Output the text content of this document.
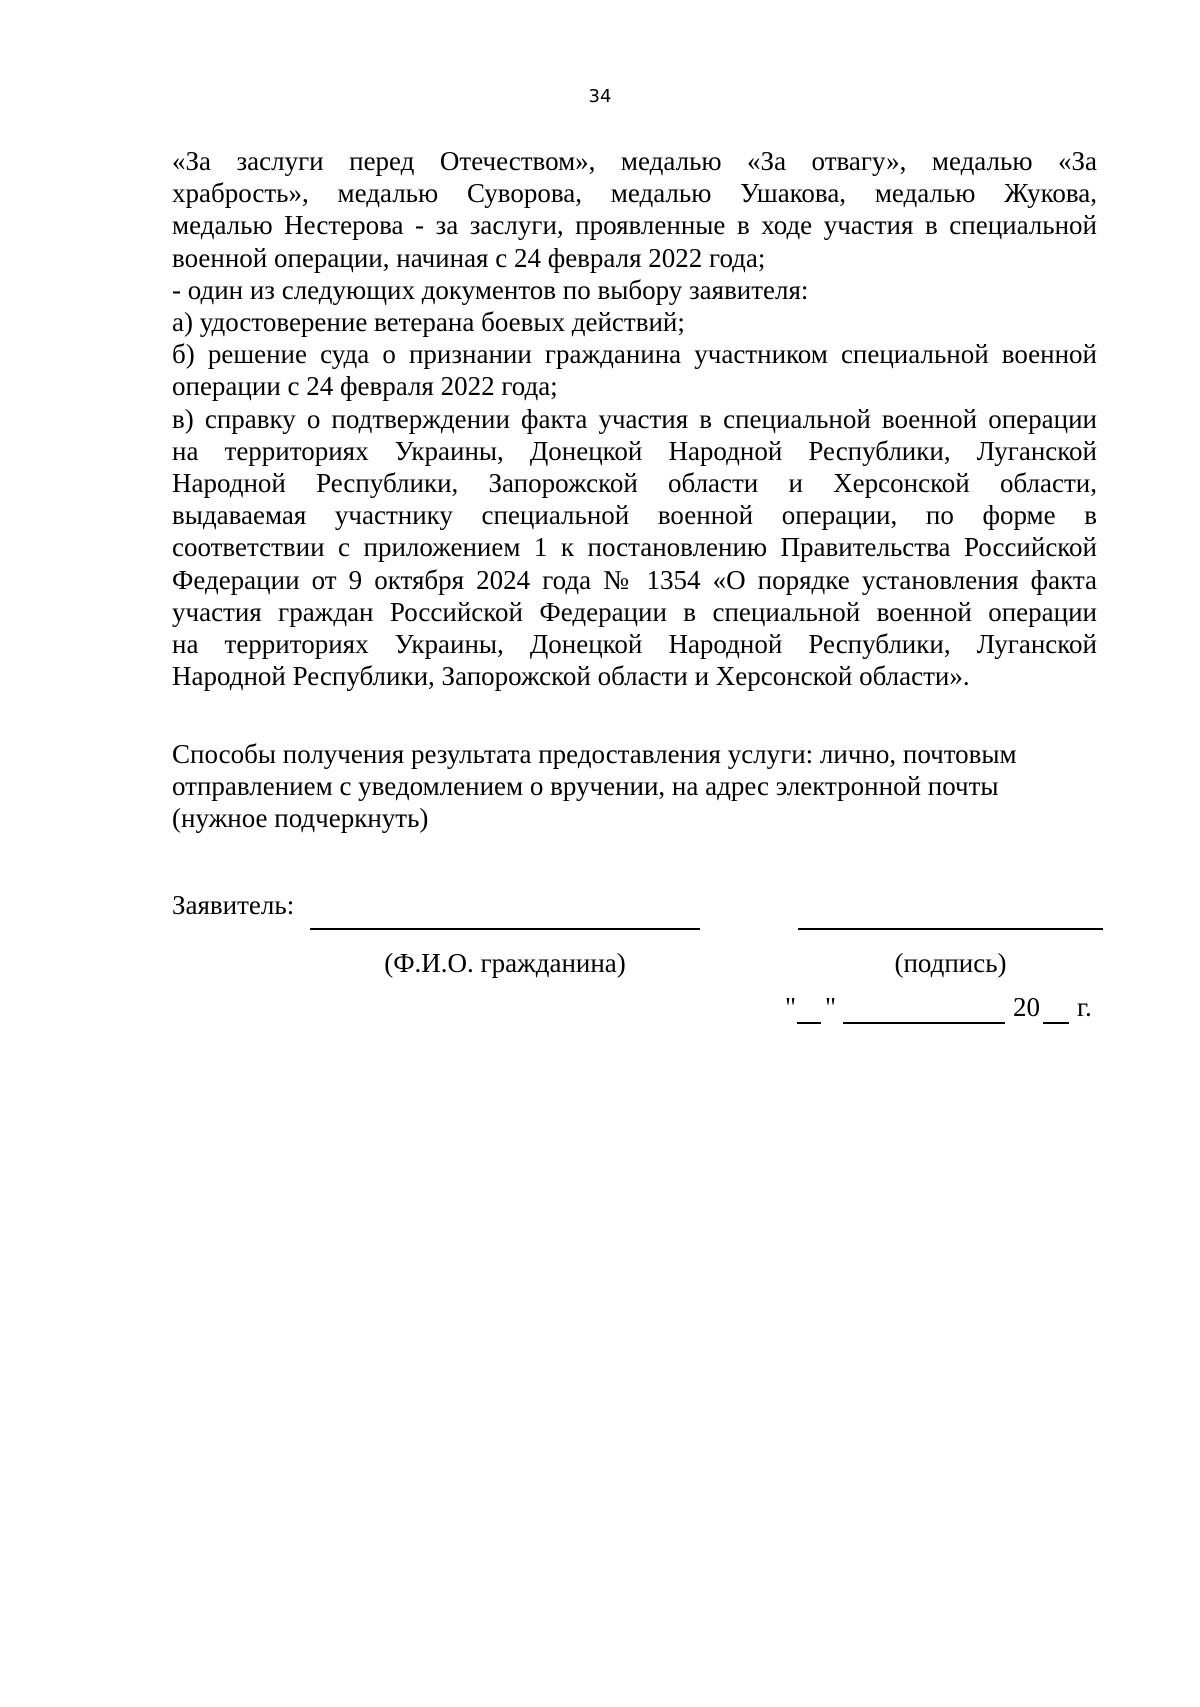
34

«За заслуги перед Отечеством», медалью «За отвагу», медалью «За

храбрость», медалью Суворова, медалью Ушакова, медалью Жукова,

медалью Нестерова - за заслуги, проявленные в ходе участия в специальной

военной операции, начиная с 24 февраля 2022 года;

- один из следующих документов по выбору заявителя:

а) удостоверение ветерана боевых действий;

б) решение суда о признании гражданина участником специальной военной

операции с 24 февраля 2022 года;

в) справку о подтверждении факта участия в специальной военной операции

на территориях Украины, Донецкой Народной Республики, Луганской

Народной Республики, Запорожской области и Херсонской области,

выдаваемая участнику специальной военной операции, по форме в

соответствии с приложением 1 к постановлению Правительства Российской

Федерации от 9 октября 2024 года № 1354 «О порядке установления факта

участия граждан Российской Федерации в специальной военной операции

на территориях Украины, Донецкой Народной Республики, Луганской

Народной Республики, Запорожской области и Херсонской области».

Способы получения результата предоставления услуги: лично, почтовым

отправлением с уведомлением о вручении, на адрес электронной почты

(нужное подчеркнуть)

Заявитель:
(Ф.И.О. гражданина)	(подпись)
" "	20 г.
